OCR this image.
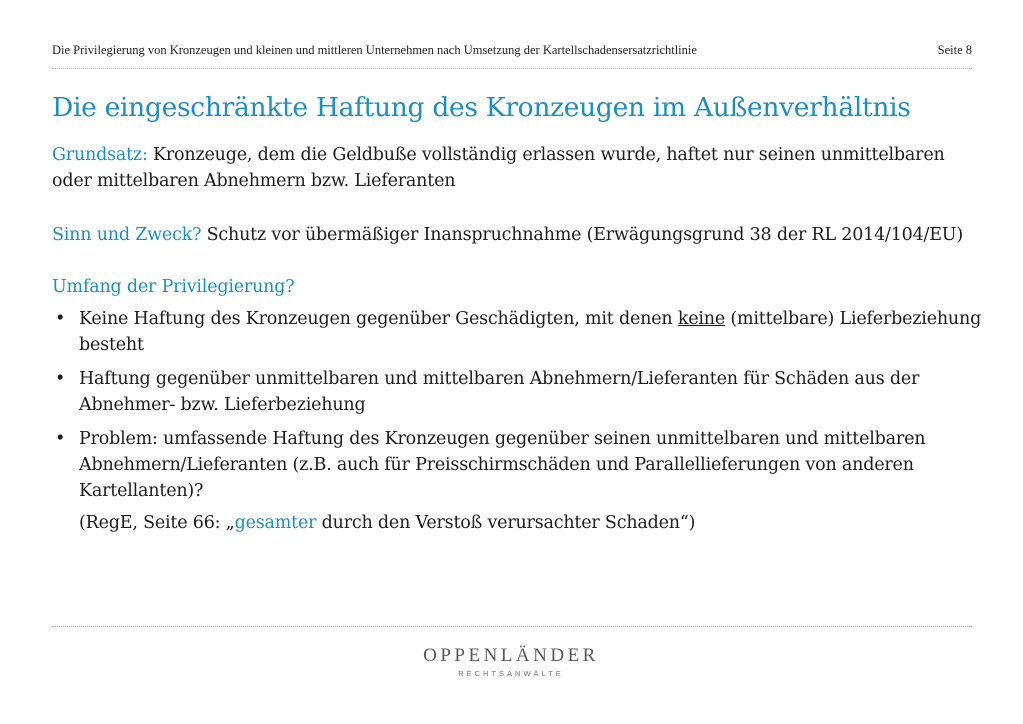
Die Privilegierung von Kronzeugen und kleinen und mittleren Unternehmen nach Umsetzung der Kartellschadensersatzrichtlinie	Seite 8
Die eingeschränkte Haftung des Kronzeugen im Außenverhältnis

Grundsatz: Kronzeuge, dem die Geldbuße vollständig erlassen wurde, haftet nur seinen unmittelbaren oder mittelbaren Abnehmern bzw. Lieferanten

Sinn und Zweck? Schutz vor übermäßiger Inanspruchnahme (Erwägungsgrund 38 der RL 2014/104/EU)

Umfang der Privilegierung?

• Keine Haftung des Kronzeugen gegenüber Geschädigten, mit denen keine (mittelbare) Lieferbeziehung besteht
• Haftung gegenüber unmittelbaren und mittelbaren Abnehmern/Lieferanten für Schäden aus der Abnehmer- bzw. Lieferbeziehung
• Problem: umfassende Haftung des Kronzeugen gegenüber seinen unmittelbaren und mittelbaren Abnehmern/Lieferanten (z.B. auch für Preisschirmschäden und Parallellieferungen von anderen Kartellanten)?

(RegE, Seite 66: „gesamter durch den Verstoß verursachter Schaden“)

OPPENLÄNDER
RECHTSANWÄLTE
